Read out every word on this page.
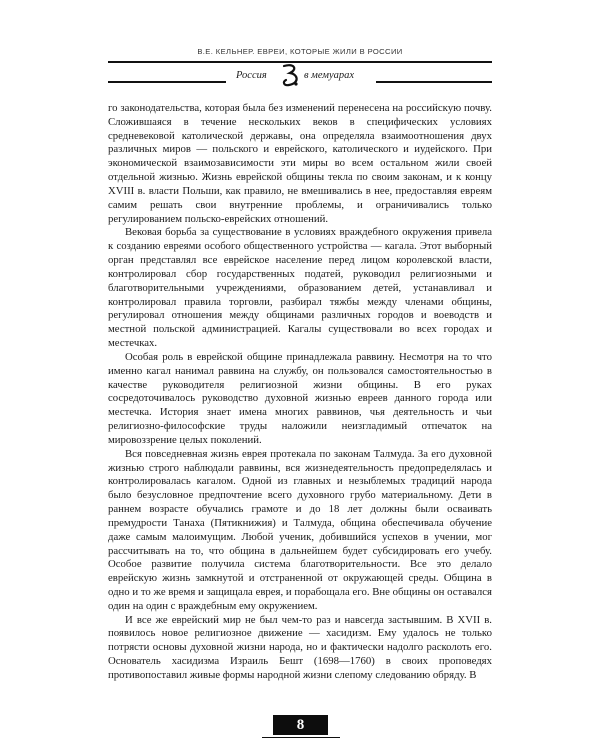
В.Е. КЕЛЬНЕР. ЕВРЕИ, КОТОРЫЕ ЖИЛИ В РОССИИ
Россия	в мемуарах

го законодательства, которая была без изменений перенесена на российскую почву. Сложившаяся в течение нескольких веков в специфических условиях средневековой католической державы, она определяла взаимоотношения двух различных миров — польского и еврейского, католического и иудейского. При экономической взаимозависимости эти миры во всем остальном жили своей отдельной жизнью. Жизнь еврейской общины текла по своим законам, и к концу XVIII в. власти Польши, как правило, не вмешивались в нее, предоставляя евреям самим решать свои внутренние проблемы, и ограничивались только регулированием польско-еврейских отношений.

Вековая борьба за существование в условиях враждебного окружения привела к созданию евреями особого общественного устройства — кагала. Этот выборный орган представлял все еврейское население перед лицом королевской власти, контролировал сбор государственных податей, руководил религиозными и благотворительными учреждениями, образованием детей, устанавливал и контролировал правила торговли, разбирал тяжбы между членами общины, регулировал отношения между общинами различных городов и воеводств и местной польской администрацией. Кагалы существовали во всех городах и местечках.

Особая роль в еврейской общине принадлежала раввину. Несмотря на то что именно кагал нанимал раввина на службу, он пользовался самостоятельностью в качестве руководителя религиозной жизни общины. В его руках сосредоточивалось руководство духовной жизнью евреев данного города или местечка. История знает имена многих раввинов, чья деятельность и чьи религиозно-философские труды наложили неизгладимый отпечаток на мировоззрение целых поколений.

Вся повседневная жизнь еврея протекала по законам Талмуда. За его духовной жизнью строго наблюдали раввины, вся жизнедеятельность предопределялась и контролировалась кагалом. Одной из главных и незыблемых традиций народа было безусловное предпочтение всего духовного грубо материальному. Дети в раннем возрасте обучались грамоте и до 18 лет должны были осваивать премудрости Танаха (Пятикнижия) и Талмуда, община обеспечивала обучение даже самым малоимущим. Любой ученик, добившийся успехов в учении, мог рассчитывать на то, что община в дальнейшем будет субсидировать его учебу. Особое развитие получила система благотворительности. Все это делало еврейскую жизнь замкнутой и отстраненной от окружающей среды. Община в одно и то же время и защищала еврея, и порабощала его. Вне общины он оставался один на один с враждебным ему окружением.

И все же еврейский мир не был чем-то раз и навсегда застывшим. В XVII в. появилось новое религиозное движение — хасидизм. Ему удалось не только потрясти основы духовной жизни народа, но и фактически надолго расколоть его. Основатель хасидизма Израиль Бешт (1698—1760) в своих проповедях противопоставил живые формы народной жизни слепому следованию обряду. В

8
